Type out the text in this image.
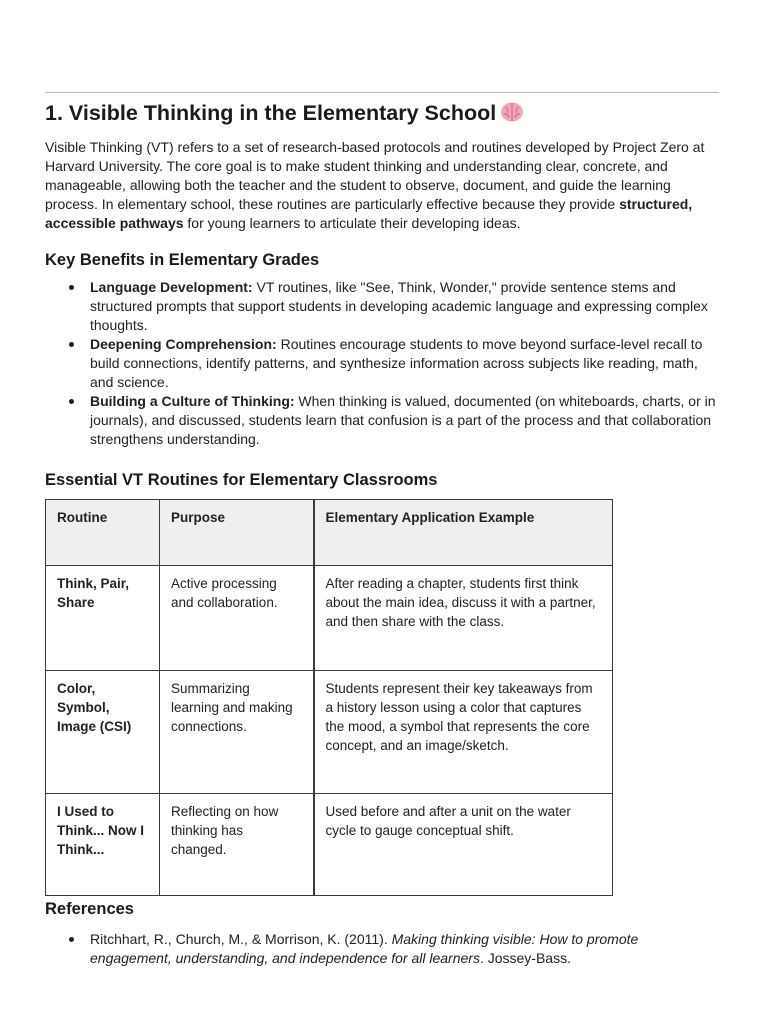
1. Visible Thinking in the Elementary School

Visible Thinking (VT) refers to a set of research-based protocols and routines developed by Project Zero at Harvard University. The core goal is to make student thinking and understanding clear, concrete, and manageable, allowing both the teacher and the student to observe, document, and guide the learning process. In elementary school, these routines are particularly effective because they provide structured, accessible pathways for young learners to articulate their developing ideas.

Key Benefits in Elementary Grades
Language Development: VT routines, like "See, Think, Wonder," provide sentence stems and structured prompts that support students in developing academic language and expressing complex thoughts.
Deepening Comprehension: Routines encourage students to move beyond surface-level recall to build connections, identify patterns, and synthesize information across subjects like reading, math, and science.
Building a Culture of Thinking: When thinking is valued, documented (on whiteboards, charts, or in journals), and discussed, students learn that confusion is a part of the process and that collaboration strengthens understanding.
Essential VT Routines for Elementary Classrooms
Routine	Purpose	Elementary Application Example
Think, Pair, Share	Active processing and collaboration.	After reading a chapter, students first think about the main idea, discuss it with a partner, and then share with the class.
Color, Symbol, Image (CSI)	Summarizing learning and making connections.	Students represent their key takeaways from a history lesson using a color that captures the mood, a symbol that represents the core concept, and an image/sketch.
I Used to Think... Now I Think...	Reflecting on how thinking has changed.	Used before and after a unit on the water cycle to gauge conceptual shift.
References
Ritchhart, R., Church, M., & Morrison, K. (2011). Making thinking visible: How to promote engagement, understanding, and independence for all learners. Jossey-Bass.
